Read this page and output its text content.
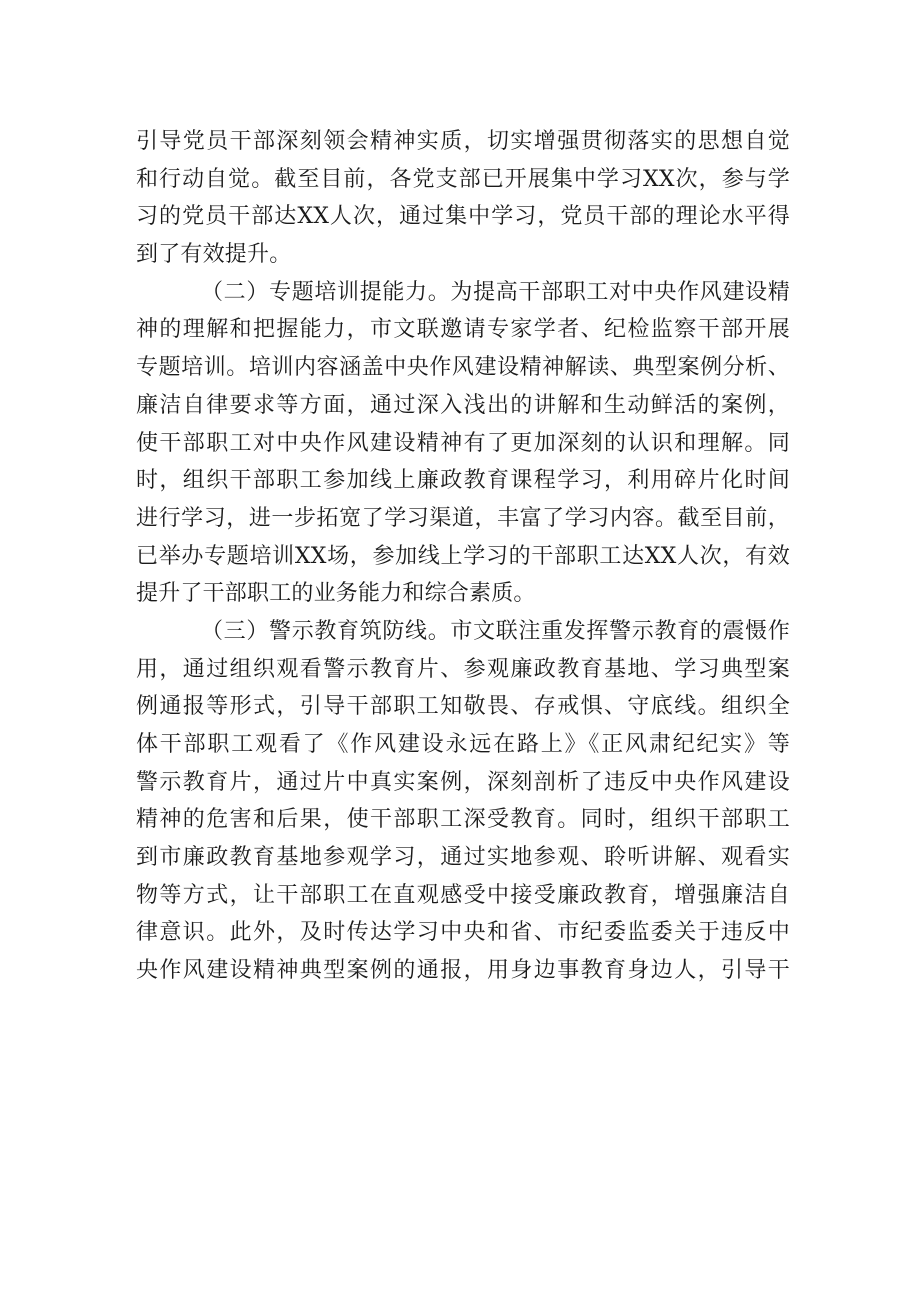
引导党员干部深刻领会精神实质，切实增强贯彻落实的思想自觉
和行动自觉。截至目前，各党支部已开展集中学习XX次，参与学
习的党员干部达XX人次，通过集中学习，党员干部的理论水平得
到了有效提升。
（二）专题培训提能力。为提高干部职工对中央作风建设精
神的理解和把握能力，市文联邀请专家学者、纪检监察干部开展
专题培训。培训内容涵盖中央作风建设精神解读、典型案例分析、
廉洁自律要求等方面，通过深入浅出的讲解和生动鲜活的案例，
使干部职工对中央作风建设精神有了更加深刻的认识和理解。同
时，组织干部职工参加线上廉政教育课程学习，利用碎片化时间
进行学习，进一步拓宽了学习渠道，丰富了学习内容。截至目前，
已举办专题培训XX场，参加线上学习的干部职工达XX人次，有效
提升了干部职工的业务能力和综合素质。
（三）警示教育筑防线。市文联注重发挥警示教育的震慑作
用，通过组织观看警示教育片、参观廉政教育基地、学习典型案
例通报等形式，引导干部职工知敬畏、存戒惧、守底线。组织全
体干部职工观看了《作风建设永远在路上》《正风肃纪纪实》等
警示教育片，通过片中真实案例，深刻剖析了违反中央作风建设
精神的危害和后果，使干部职工深受教育。同时，组织干部职工
到市廉政教育基地参观学习，通过实地参观、聆听讲解、观看实
物等方式，让干部职工在直观感受中接受廉政教育，增强廉洁自
律意识。此外，及时传达学习中央和省、市纪委监委关于违反中
央作风建设精神典型案例的通报，用身边事教育身边人，引导干
